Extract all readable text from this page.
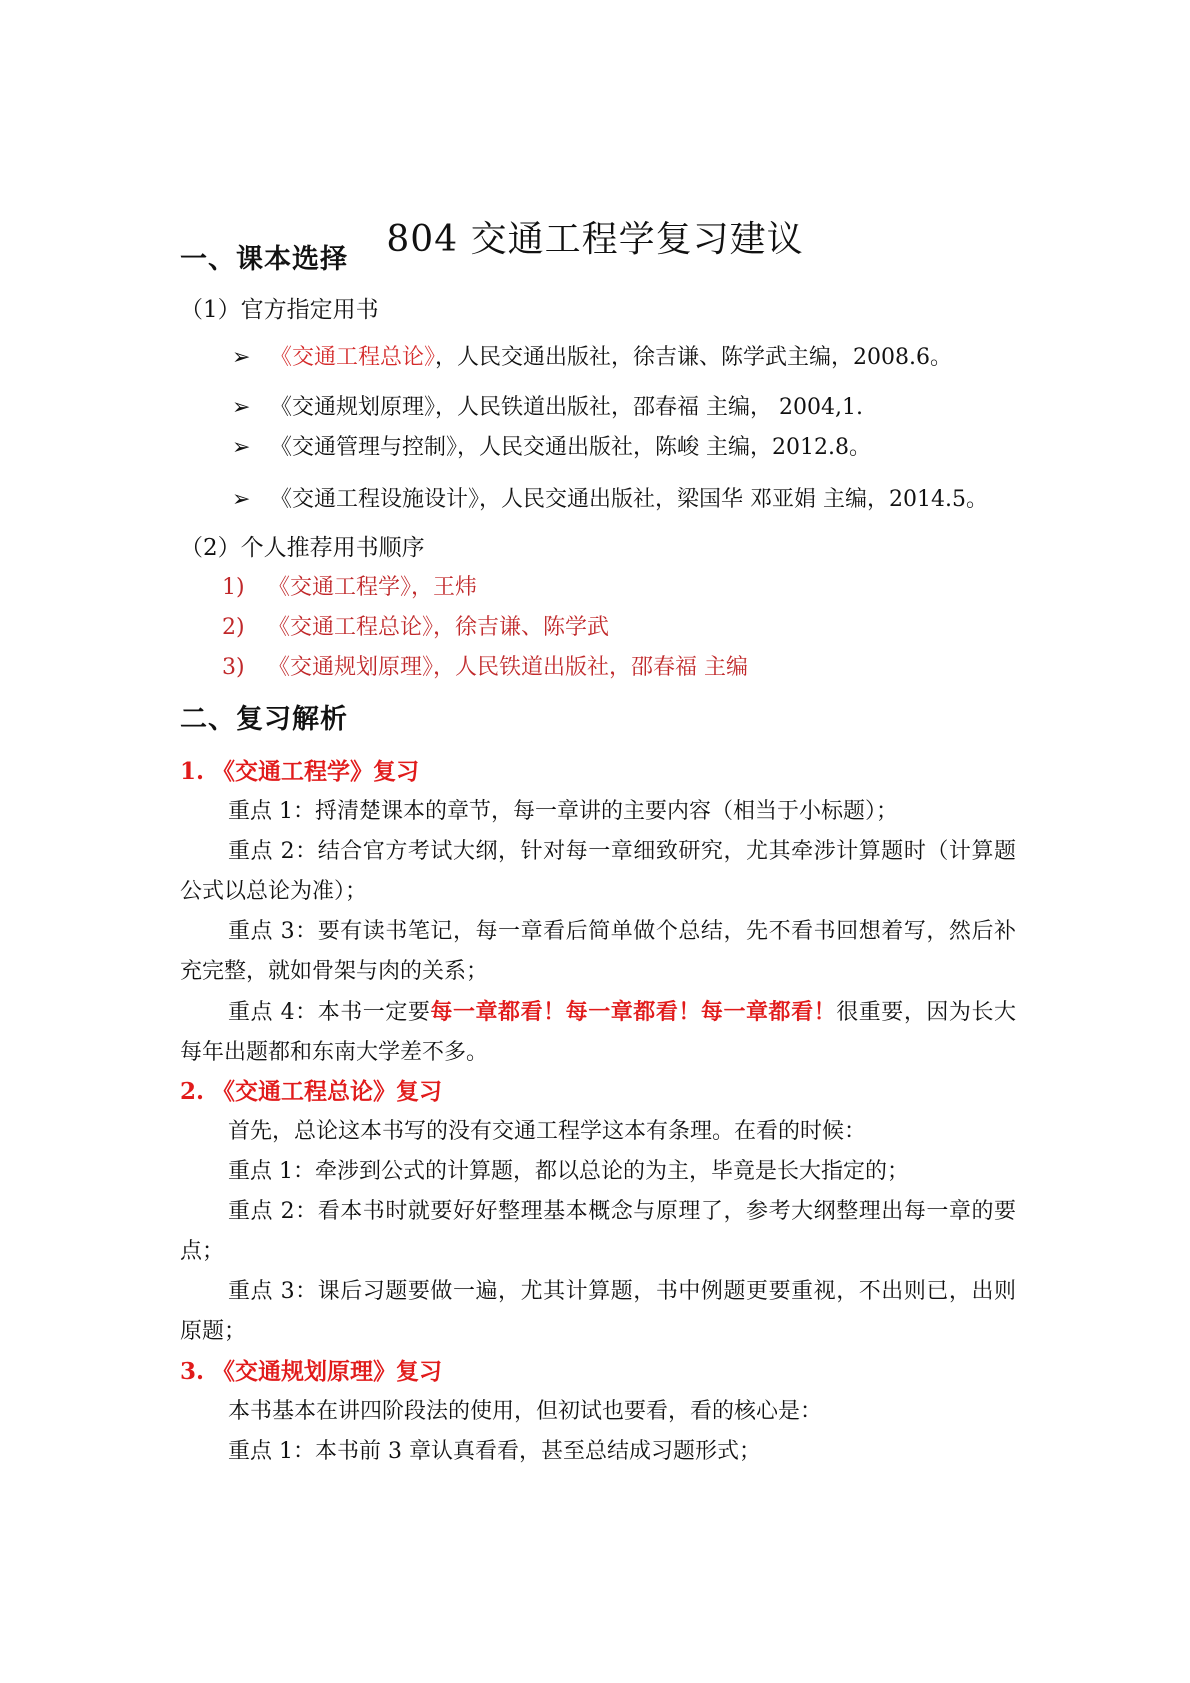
804 交通工程学复习建议
一、课本选择
（1）官方指定用书
➢ 《交通工程总论》，人民交通出版社，徐吉谦、陈学武主编，2008.6。
➢ 《交通规划原理》，人民铁道出版社，邵春福 主编， 2004,1.
➢ 《交通管理与控制》，人民交通出版社，陈峻 主编，2012.8。
➢ 《交通工程设施设计》，人民交通出版社，梁国华 邓亚娟 主编，2014.5。
（2）个人推荐用书顺序
1) 《交通工程学》，王炜
2) 《交通工程总论》，徐吉谦、陈学武
3) 《交通规划原理》，人民铁道出版社，邵春福 主编
二、复习解析
1. 《交通工程学》复习
重点 1：捋清楚课本的章节，每一章讲的主要内容（相当于小标题）；
重点 2：结合官方考试大纲，针对每一章细致研究，尤其牵涉计算题时（计算题公式以总论为准）；
重点 3：要有读书笔记，每一章看后简单做个总结，先不看书回想着写，然后补充完整，就如骨架与肉的关系；
重点 4：本书一定要每一章都看！每一章都看！每一章都看！很重要，因为长大每年出题都和东南大学差不多。
2. 《交通工程总论》复习
首先，总论这本书写的没有交通工程学这本有条理。在看的时候：
重点 1：牵涉到公式的计算题，都以总论的为主，毕竟是长大指定的；
重点 2：看本书时就要好好整理基本概念与原理了，参考大纲整理出每一章的要点；
重点 3：课后习题要做一遍，尤其计算题，书中例题更要重视，不出则已，出则原题；
3. 《交通规划原理》复习
本书基本在讲四阶段法的使用，但初试也要看，看的核心是：
重点 1：本书前 3 章认真看看，甚至总结成习题形式；
